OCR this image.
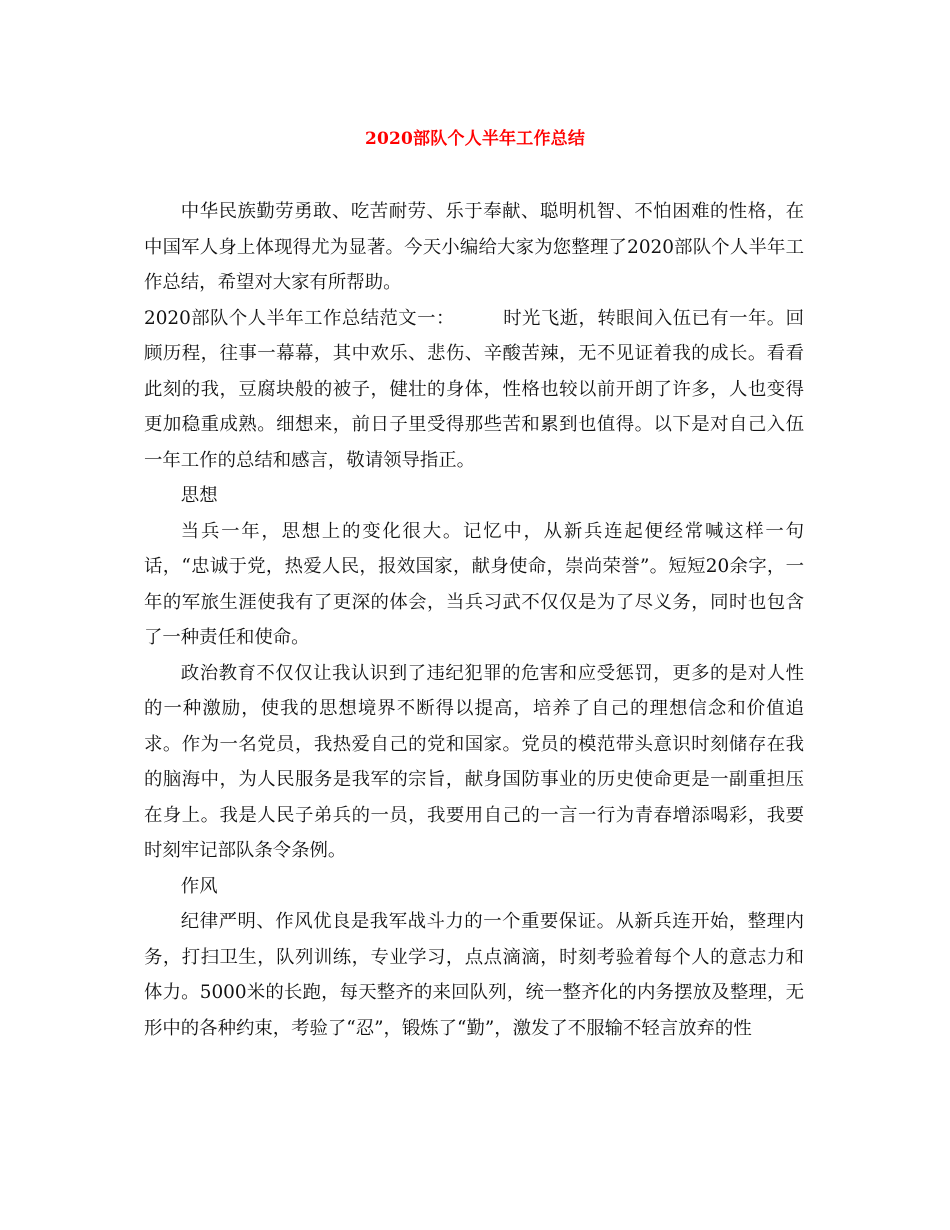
2020部队个人半年工作总结

中华民族勤劳勇敢、吃苦耐劳、乐于奉献、聪明机智、不怕困难的性格，在中国军人身上体现得尤为显著。今天小编给大家为您整理了2020部队个人半年工作总结，希望对大家有所帮助。

2020部队个人半年工作总结范文一：	时光飞逝，转眼间入伍已有一年。回顾历程，往事一幕幕，其中欢乐、悲伤、辛酸苦辣，无不见证着我的成长。看看此刻的我，豆腐块般的被子，健壮的身体，性格也较以前开朗了许多，人也变得更加稳重成熟。细想来，前日子里受得那些苦和累到也值得。以下是对自己入伍一年工作的总结和感言，敬请领导指正。

思想

当兵一年，思想上的变化很大。记忆中，从新兵连起便经常喊这样一句话，“忠诚于党，热爱人民，报效国家，献身使命，崇尚荣誉”。短短20余字，一年的军旅生涯使我有了更深的体会，当兵习武不仅仅是为了尽义务，同时也包含了一种责任和使命。

政治教育不仅仅让我认识到了违纪犯罪的危害和应受惩罚，更多的是对人性的一种激励，使我的思想境界不断得以提高，培养了自己的理想信念和价值追求。作为一名党员，我热爱自己的党和国家。党员的模范带头意识时刻储存在我的脑海中，为人民服务是我军的宗旨，献身国防事业的历史使命更是一副重担压在身上。我是人民子弟兵的一员，我要用自己的一言一行为青春增添喝彩，我要时刻牢记部队条令条例。

作风

纪律严明、作风优良是我军战斗力的一个重要保证。从新兵连开始，整理内务，打扫卫生，队列训练，专业学习，点点滴滴，时刻考验着每个人的意志力和体力。5000米的长跑，每天整齐的来回队列，统一整齐化的内务摆放及整理，无形中的各种约束，考验了“忍”，锻炼了“勤”，激发了不服输不轻言放弃的性
